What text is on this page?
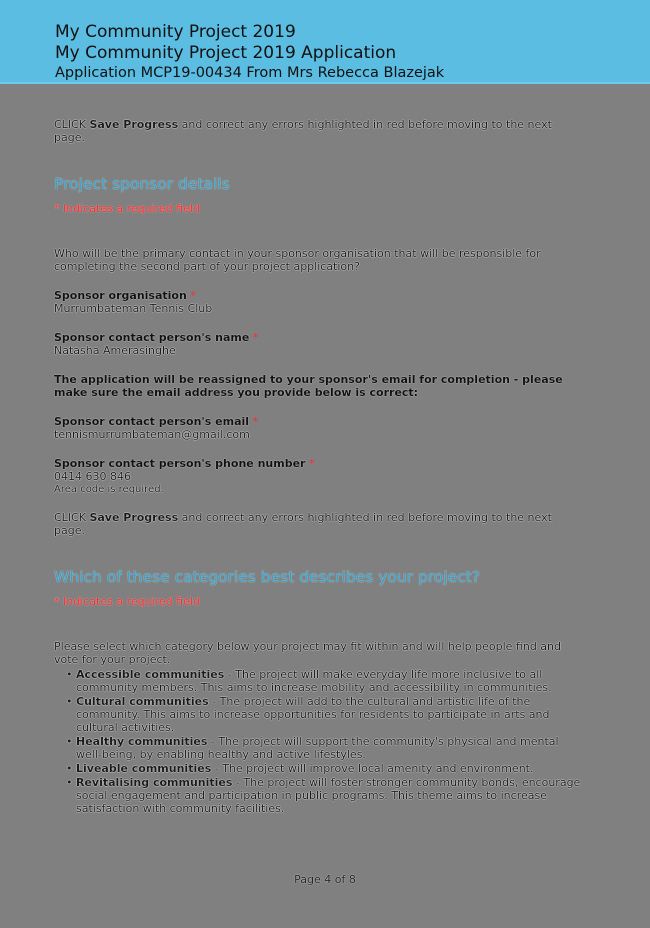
My Community Project 2019
My Community Project 2019 Application
Application MCP19-00434 From Mrs Rebecca Blazejak
CLICK Save Progress and correct any errors highlighted in red before moving to the next page.
Project sponsor details
* Indicates a required field
Who will be the primary contact in your sponsor organisation that will be responsible for completing the second part of your project application?
Sponsor organisation *
Murrumbateman Tennis Club
Sponsor contact person's name *
Natasha Amerasinghe
The application will be reassigned to your sponsor's email for completion - please make sure the email address you provide below is correct:
Sponsor contact person's email *
tennismurrumbateman@gmail.com
Sponsor contact person's phone number *
0414 630 846
Area code is required.
CLICK Save Progress and correct any errors highlighted in red before moving to the next page.
Which of these categories best describes your project?
* Indicates a required field
Please select which category below your project may fit within and will help people find and vote for your project.
• Accessible communities - The project will make everyday life more inclusive to all community members. This aims to increase mobility and accessibility in communities.
• Cultural communities - The project will add to the cultural and artistic life of the community. This aims to increase opportunities for residents to participate in arts and cultural activities.
• Healthy communities - The project will support the community's physical and mental well-being, by enabling healthy and active lifestyles.
• Liveable communities - The project will improve local amenity and environment.
• Revitalising communities - The project will foster stronger community bonds, encourage social engagement and participation in public programs. This theme aims to increase satisfaction with community facilities.
Page 4 of 8
